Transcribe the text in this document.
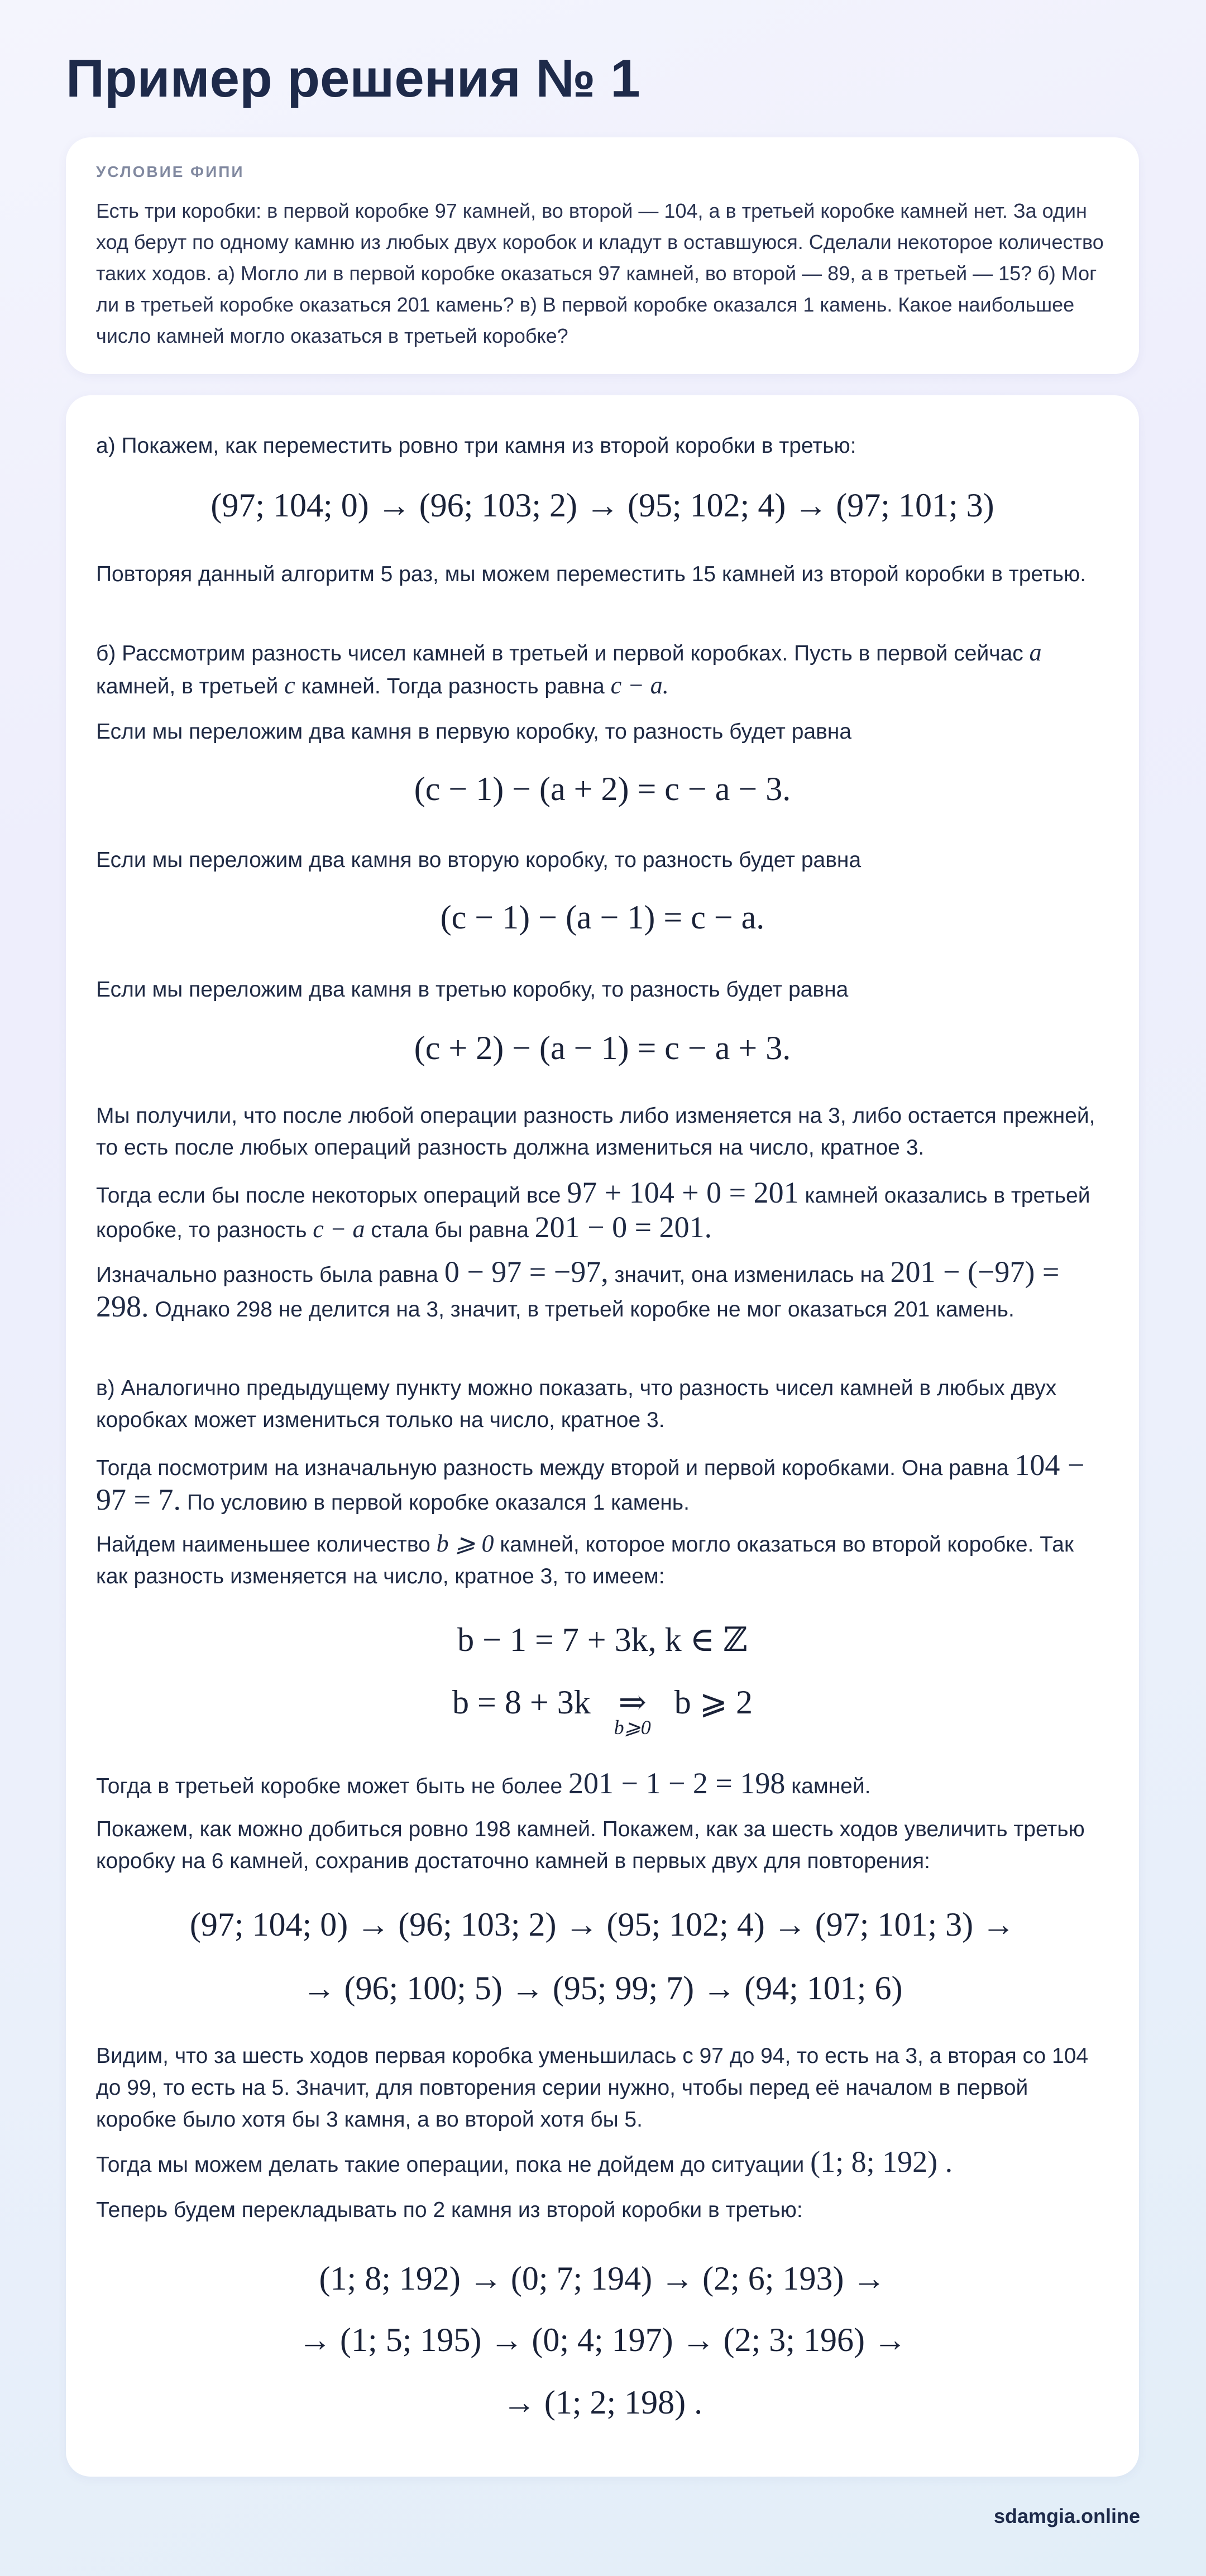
Пример решения № 1

УСЛОВИЕ ФИПИ

Есть три коробки: в первой коробке 97 камней, во второй — 104, а в третьей коробке камней нет. За один ход берут по одному камню из любых двух коробок и кладут в оставшуюся. Сделали некоторое количество таких ходов. а) Могло ли в первой коробке оказаться 97 камней, во второй — 89, а в третьей — 15? б) Мог ли в третьей коробке оказаться 201 камень? в) В первой коробке оказался 1 камень. Какое наибольшее число камней могло оказаться в третьей коробке?

а) Покажем, как переместить ровно три камня из второй коробки в третью:

(97; 104; 0) → (96; 103; 2) → (95; 102; 4) → (97; 101; 3)

Повторяя данный алгоритм 5 раз, мы можем переместить 15 камней из второй коробки в третью.

б) Рассмотрим разность чисел камней в третьей и первой коробках. Пусть в первой сейчас a камней, в третьей c камней. Тогда разность равна c − a.

Если мы переложим два камня в первую коробку, то разность будет равна

(c − 1) − (a + 2) = c − a − 3.

Если мы переложим два камня во вторую коробку, то разность будет равна

(c − 1) − (a − 1) = c − a.

Если мы переложим два камня в третью коробку, то разность будет равна

(c + 2) − (a − 1) = c − a + 3.

Мы получили, что после любой операции разность либо изменяется на 3, либо остается прежней, то есть после любых операций разность должна измениться на число, кратное 3.

Тогда если бы после некоторых операций все 97 + 104 + 0 = 201 камней оказались в третьей коробке, то разность c − a стала бы равна 201 − 0 = 201.

Изначально разность была равна 0 − 97 = −97, значит, она изменилась на 201 − (−97) = 298. Однако 298 не делится на 3, значит, в третьей коробке не мог оказаться 201 камень.

в) Аналогично предыдущему пункту можно показать, что разность чисел камней в любых двух коробках может измениться только на число, кратное 3.

Тогда посмотрим на изначальную разность между второй и первой коробками. Она равна 104 − 97 = 7. По условию в первой коробке оказался 1 камень.

Найдем наименьшее количество b ⩾ 0 камней, которое могло оказаться во второй коробке. Так как разность изменяется на число, кратное 3, то имеем:

b − 1 = 7 + 3k, k ∈ ℤ
b = 8 + 3k ⇒
b⩾0
b ⩾ 2

Тогда в третьей коробке может быть не более 201 − 1 − 2 = 198 камней.

Покажем, как можно добиться ровно 198 камней. Покажем, как за шесть ходов увеличить третью коробку на 6 камней, сохранив достаточно камней в первых двух для повторения:

(97; 104; 0) → (96; 103; 2) → (95; 102; 4) → (97; 101; 3) →
→ (96; 100; 5) → (95; 99; 7) → (94; 101; 6)

Видим, что за шесть ходов первая коробка уменьшилась с 97 до 94, то есть на 3, а вторая со 104 до 99, то есть на 5. Значит, для повторения серии нужно, чтобы перед её началом в первой коробке было хотя бы 3 камня, а во второй хотя бы 5.

Тогда мы можем делать такие операции, пока не дойдем до ситуации (1; 8; 192) .

Теперь будем перекладывать по 2 камня из второй коробки в третью:

(1; 8; 192) → (0; 7; 194) → (2; 6; 193) →
→ (1; 5; 195) → (0; 4; 197) → (2; 3; 196) →
→ (1; 2; 198) .
sdamgia.online
